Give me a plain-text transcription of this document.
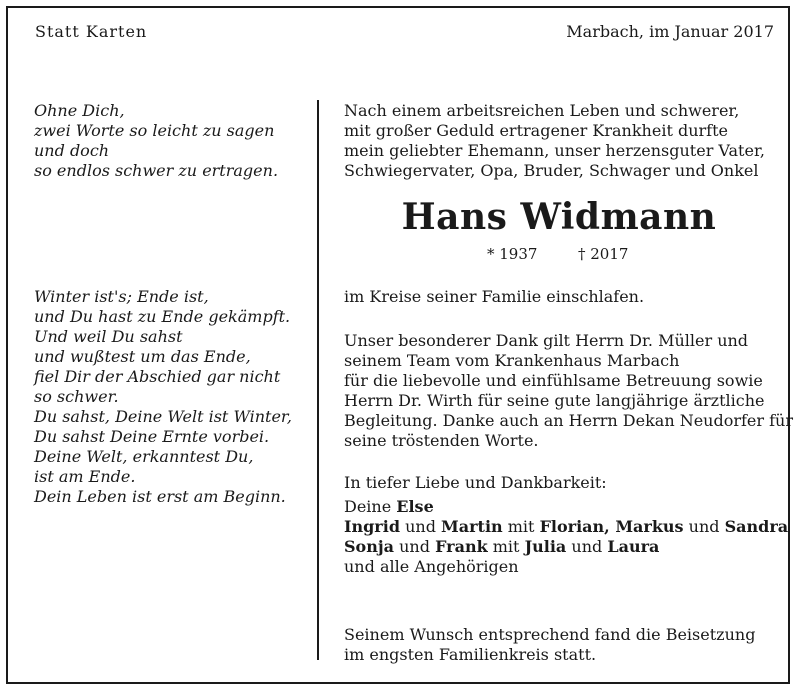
Statt Karten	Marbach, im Januar 2017
Ohne Dich,
zwei Worte so leicht zu sagen
und doch
so endlos schwer zu ertragen.
Winter ist's; Ende ist,
und Du hast zu Ende gekämpft.
Und weil Du sahst
und wußtest um das Ende,
fiel Dir der Abschied gar nicht
so schwer.
Du sahst, Deine Welt ist Winter,
Du sahst Deine Ernte vorbei.
Deine Welt, erkanntest Du,
ist am Ende.
Dein Leben ist erst am Beginn.
Nach einem arbeitsreichen Leben und schwerer,
mit großer Geduld ertragener Krankheit durfte
mein geliebter Ehemann, unser herzensguter Vater,
Schwiegervater, Opa, Bruder, Schwager und Onkel
Hans Widmann
* 1937	† 2017
im Kreise seiner Familie einschlafen.
Unser besonderer Dank gilt Herrn Dr. Müller und
seinem Team vom Krankenhaus Marbach
für die liebevolle und einfühlsame Betreuung sowie
Herrn Dr. Wirth für seine gute langjährige ärztliche
Begleitung. Danke auch an Herrn Dekan Neudorfer für
seine tröstenden Worte.
In tiefer Liebe und Dankbarkeit:
Deine Else
Ingrid und Martin mit Florian, Markus und Sandra
Sonja und Frank mit Julia und Laura
und alle Angehörigen
Seinem Wunsch entsprechend fand die Beisetzung
im engsten Familienkreis statt.
